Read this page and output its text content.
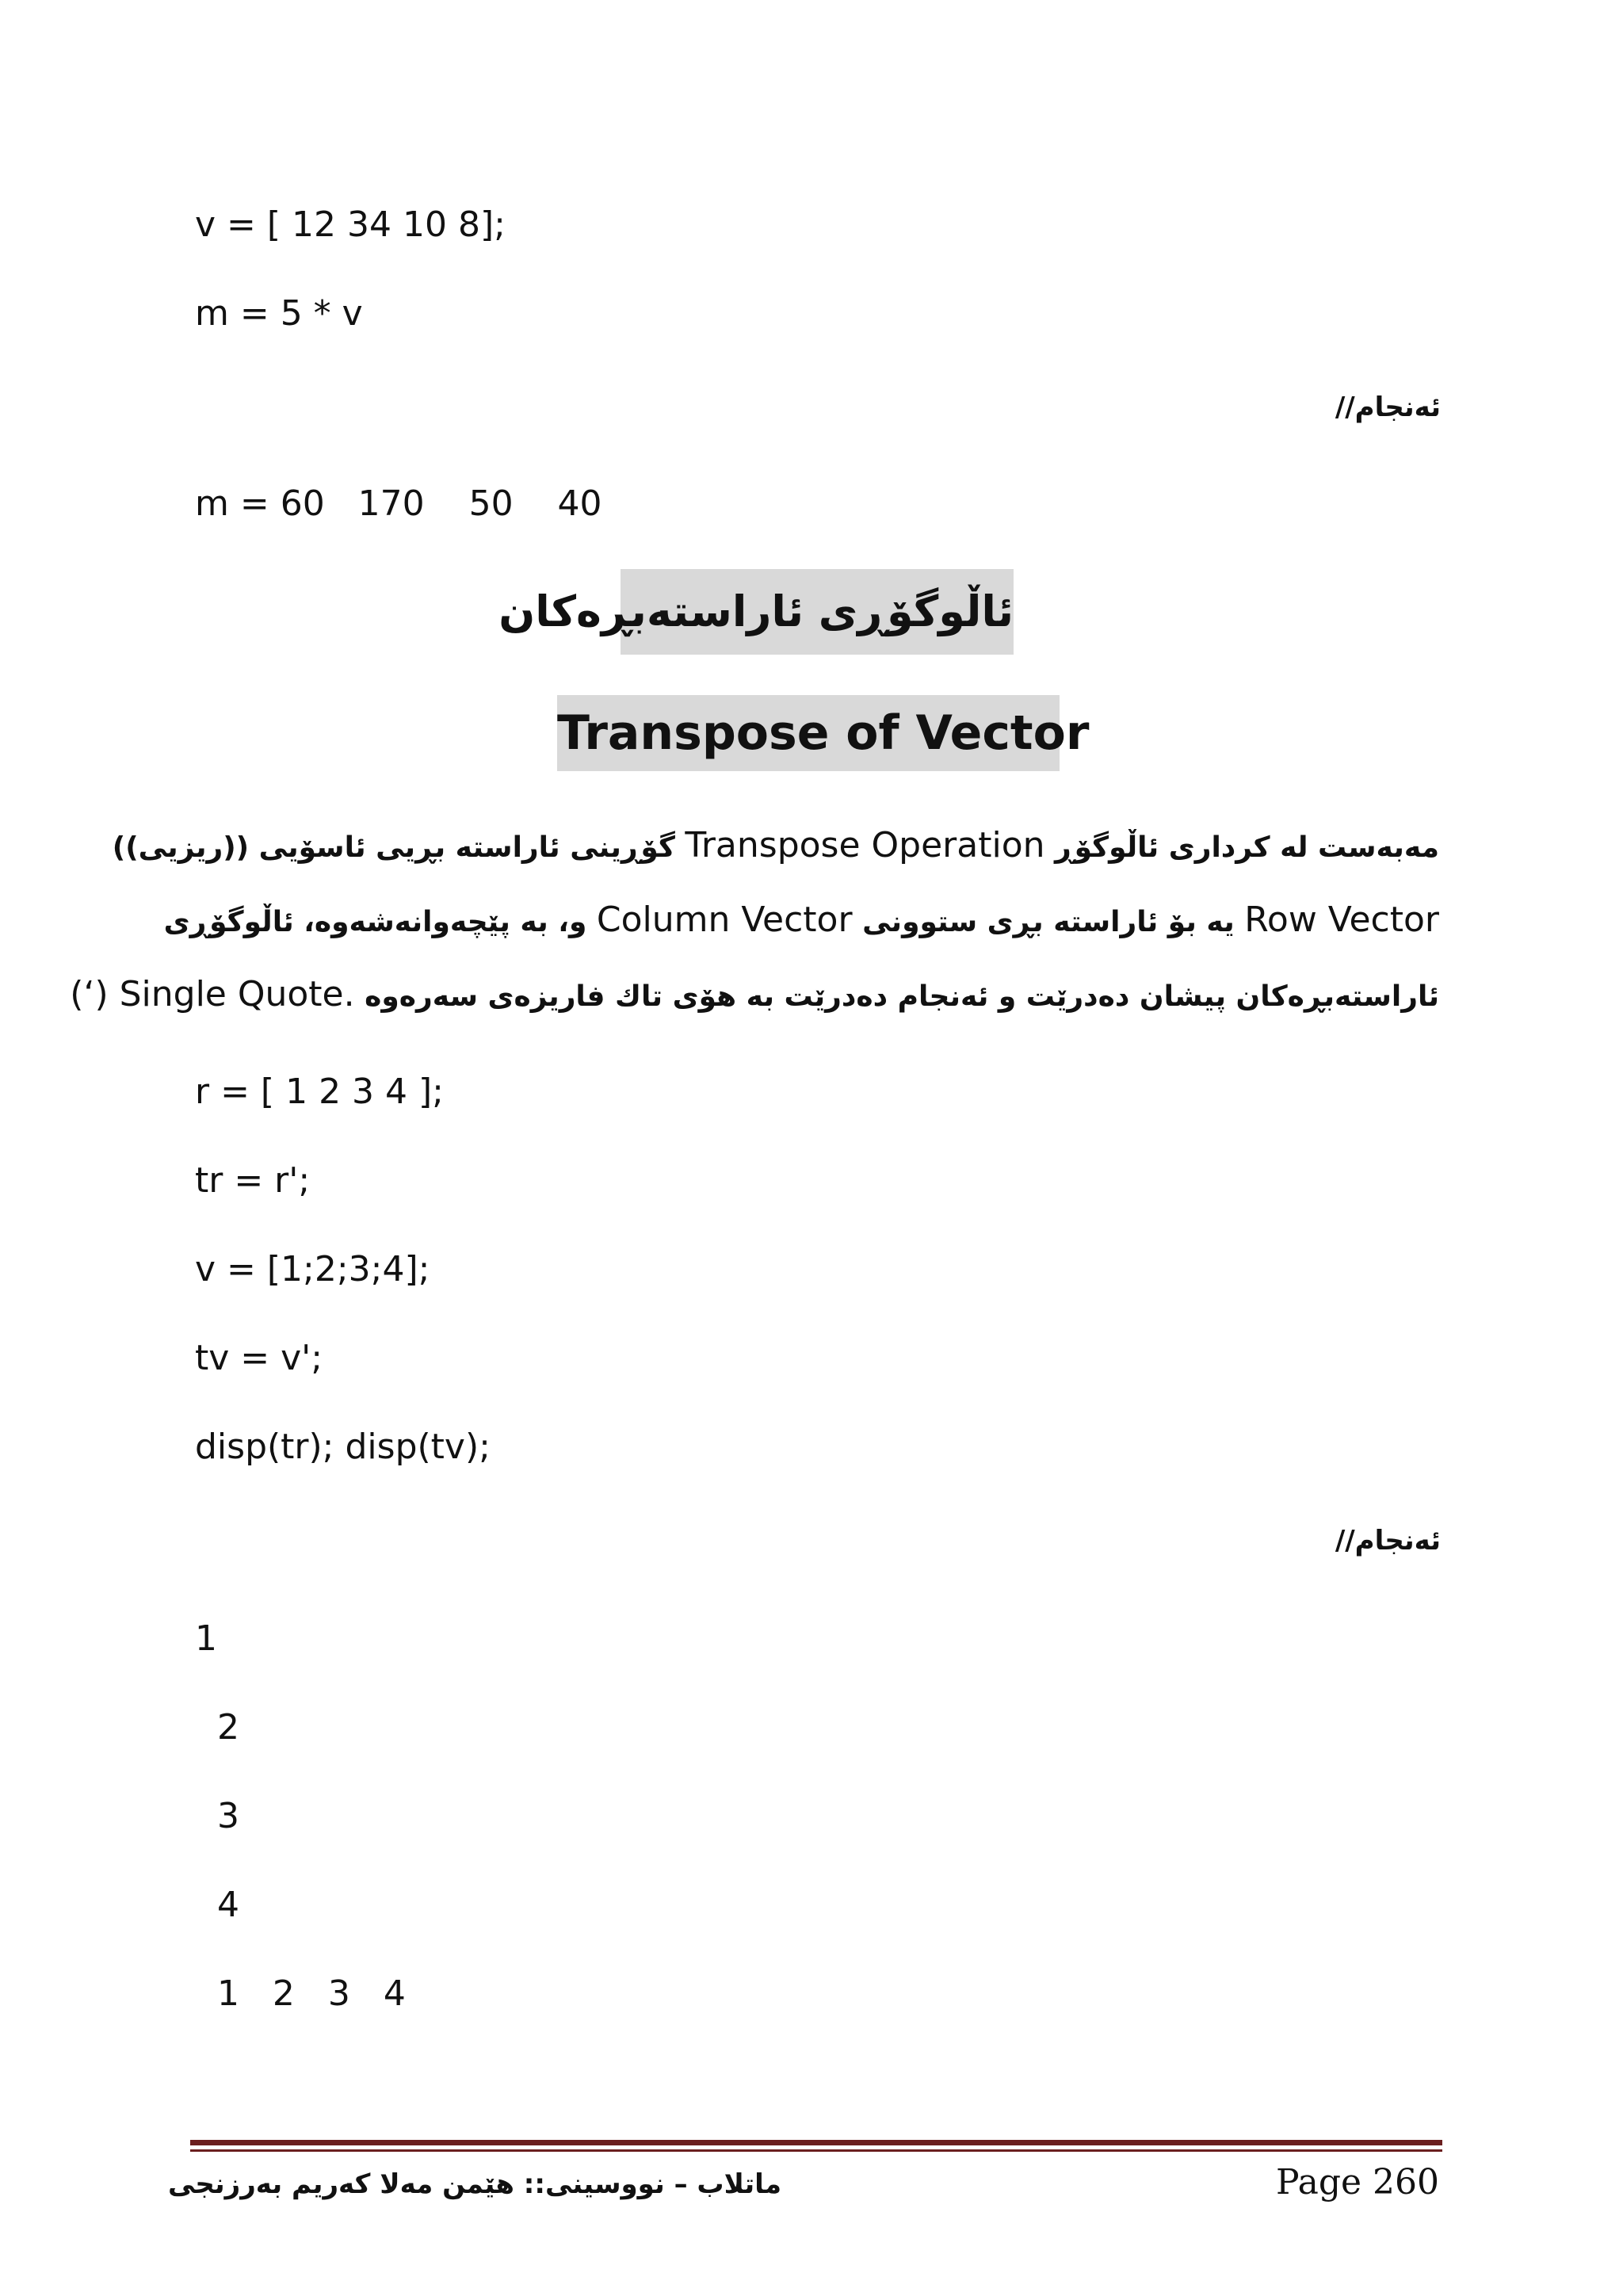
v = [ 12 34 10 8];
m = 5 * v
ئەنجام//
m = 60   170    50    40
ئاڵوگۆڕی ئاراستەبڕەکان
Transpose of Vector
مەبەست لە کرداری ئاڵوگۆڕ Transpose Operation گۆڕینی ئاراستە بڕیی ئاسۆیی ((ریزیی))
Row Vector یە بۆ ئاراستە بڕی ستوونی Column Vector و، بە پێچەوانەشەوە، ئاڵوگۆڕی
ئاراستەبڕەکان پیشان دەدرێت و ئەنجام دەدرێت بە هۆی تاك فاریزەی سەرەوە (‘) Single Quote.
r = [ 1 2 3 4 ];
tr = r';
v = [1;2;3;4];
tv = v';
disp(tr); disp(tv);
ئەنجام//
1
2
3
4
1   2   3   4
ماتلاب – نووسینی:: هێمن مەلا کەریم بەرزنجی	Page 260
